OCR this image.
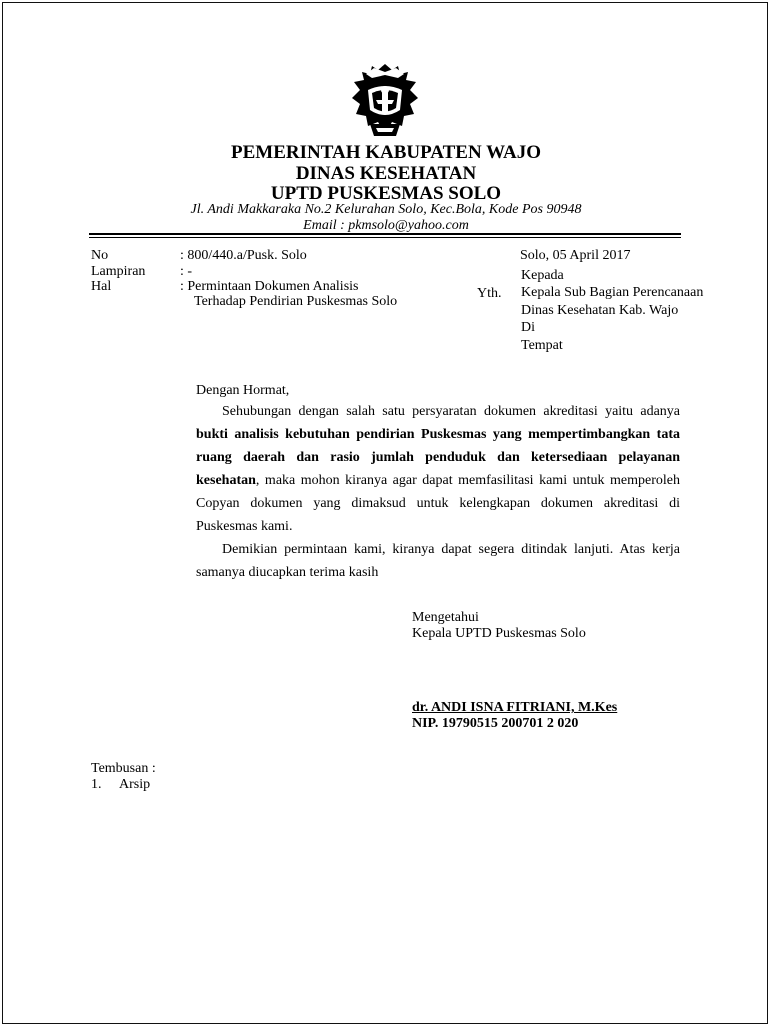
PEMERINTAH KABUPATEN WAJO
DINAS KESEHATAN
UPTD PUSKESMAS SOLO
Jl. Andi Makkaraka No.2 Kelurahan Solo, Kec.Bola, Kode Pos 90948
Email : pkmsolo@yahoo.com
No	: 800/440.a/Pusk. Solo
Lampiran : -
Hal	: Permintaan Dokumen Analisis
Terhadap Pendirian Puskesmas Solo
Solo, 05 April 2017
Kepada
Yth. Kepala Sub Bagian Perencanaan
Dinas Kesehatan Kab. Wajo
Di
Tempat
Dengan Hormat,
Sehubungan dengan salah satu persyaratan dokumen akreditasi yaitu adanya bukti analisis kebutuhan pendirian Puskesmas yang mempertimbangkan tata ruang daerah dan rasio jumlah penduduk dan ketersediaan pelayanan kesehatan, maka mohon kiranya agar dapat memfasilitasi kami untuk memperoleh Copyan dokumen yang dimaksud untuk kelengkapan dokumen akreditasi di Puskesmas kami.
Demikian permintaan kami, kiranya dapat segera ditindak lanjuti. Atas kerja samanya diucapkan terima kasih
Mengetahui
Kepala UPTD Puskesmas Solo
dr. ANDI ISNA FITRIANI, M.Kes
NIP. 19790515 200701 2 020
Tembusan :
1. Arsip
